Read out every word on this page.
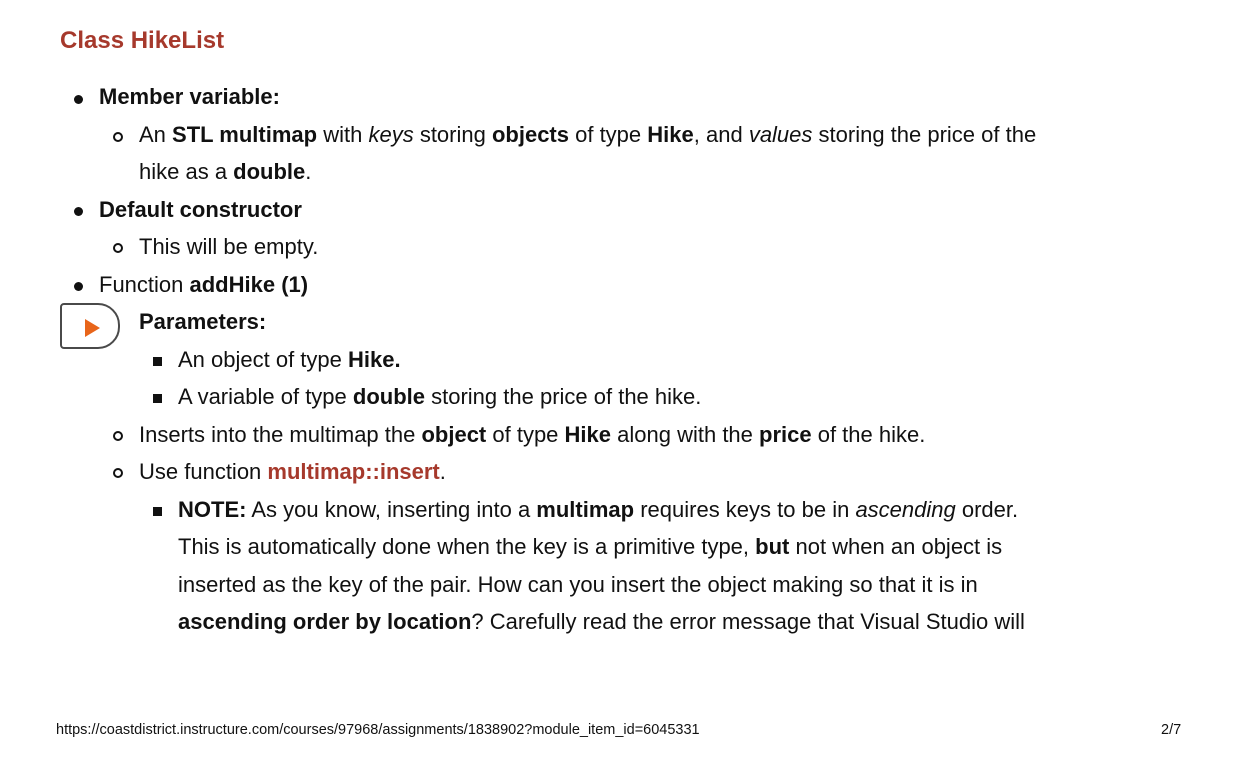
Class HikeList
Member variable:
An STL multimap with keys storing objects of type Hike, and values storing the price of the
hike as a double.
Default constructor
This will be empty.
Function addHike (1)
Parameters:
An object of type Hike.
A variable of type double storing the price of the hike.
Inserts into the multimap the object of type Hike along with the price of the hike.
Use function multimap::insert.
NOTE: As you know, inserting into a multimap requires keys to be in ascending order.
This is automatically done when the key is a primitive type, but not when an object is
inserted as the key of the pair. How can you insert the object making so that it is in
ascending order by location? Carefully read the error message that Visual Studio will
https://coastdistrict.instructure.com/courses/97968/assignments/1838902?module_item_id=6045331	2/7
